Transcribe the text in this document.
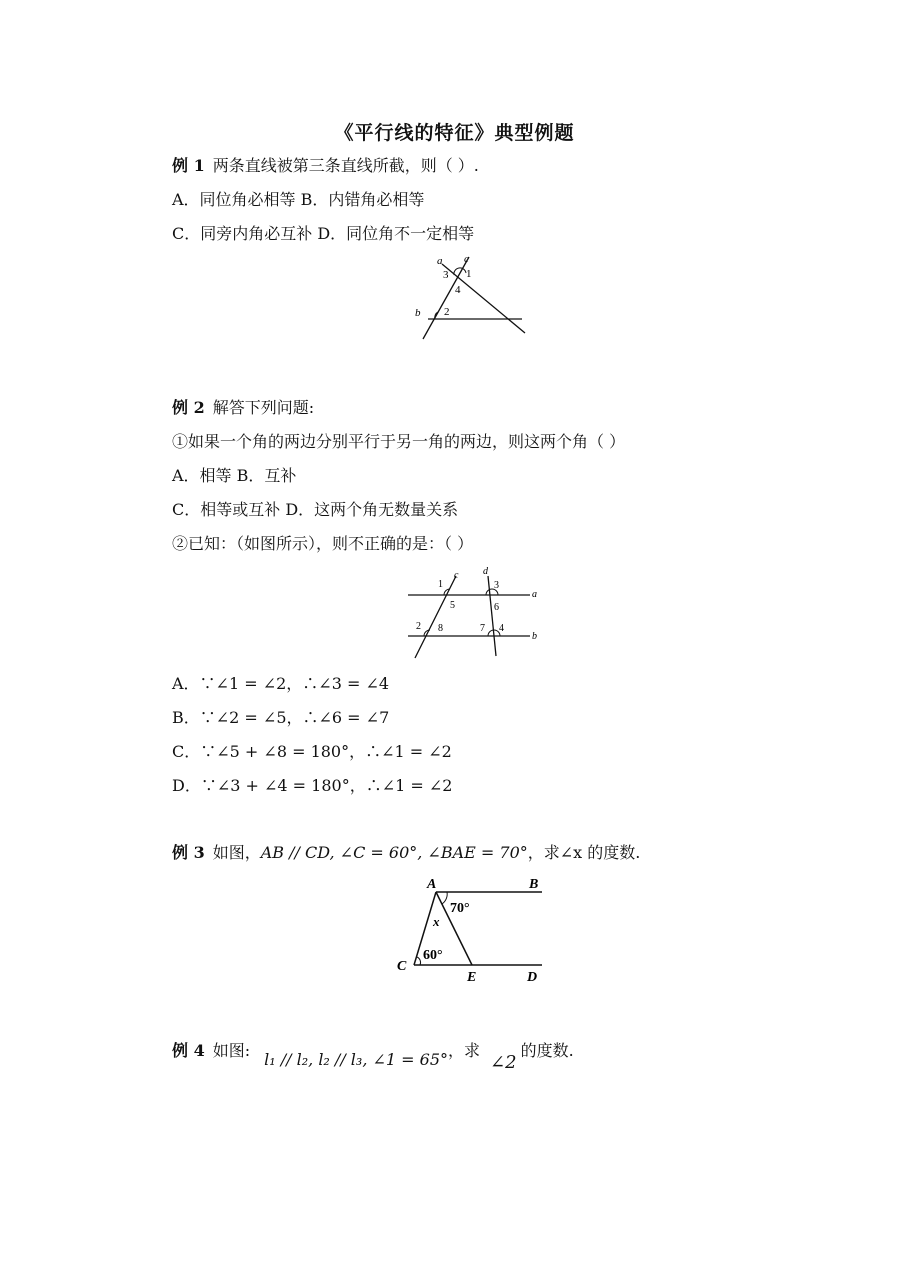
《平行线的特征》典型例题
例 1 两条直线被第三条直线所截，则（ ）.
A．同位角必相等 B．内错角必相等
C．同旁内角必互补 D．同位角不一定相等
a c
3 1
4
b 2
例 2 解答下列问题:
①如果一个角的两边分别平行于另一角的两边，则这两个角（ ）
A．相等 B．互补
C．相等或互补 D．这两个角无数量关系
②已知：（如图所示），则不正确的是：（ ）
1
c d
3
5	6
a
2 8	7 4
b
A．∵∠1 = ∠2，∴∠3 = ∠4
B．∵∠2 = ∠5，∴∠6 = ∠7
C．∵∠5 + ∠8 = 180°，∴∠1 = ∠2
D．∵∠3 + ∠4 = 180°，∴∠1 = ∠2
例 3 如图，AB // CD, ∠C = 60°, ∠BAE = 70°，求∠x 的度数.
A	B
70°
x
60°
C
E	D
例 4 如图: l₁ // l₂, l₂ // l₃, ∠1 = 65°，求∠2的度数.
